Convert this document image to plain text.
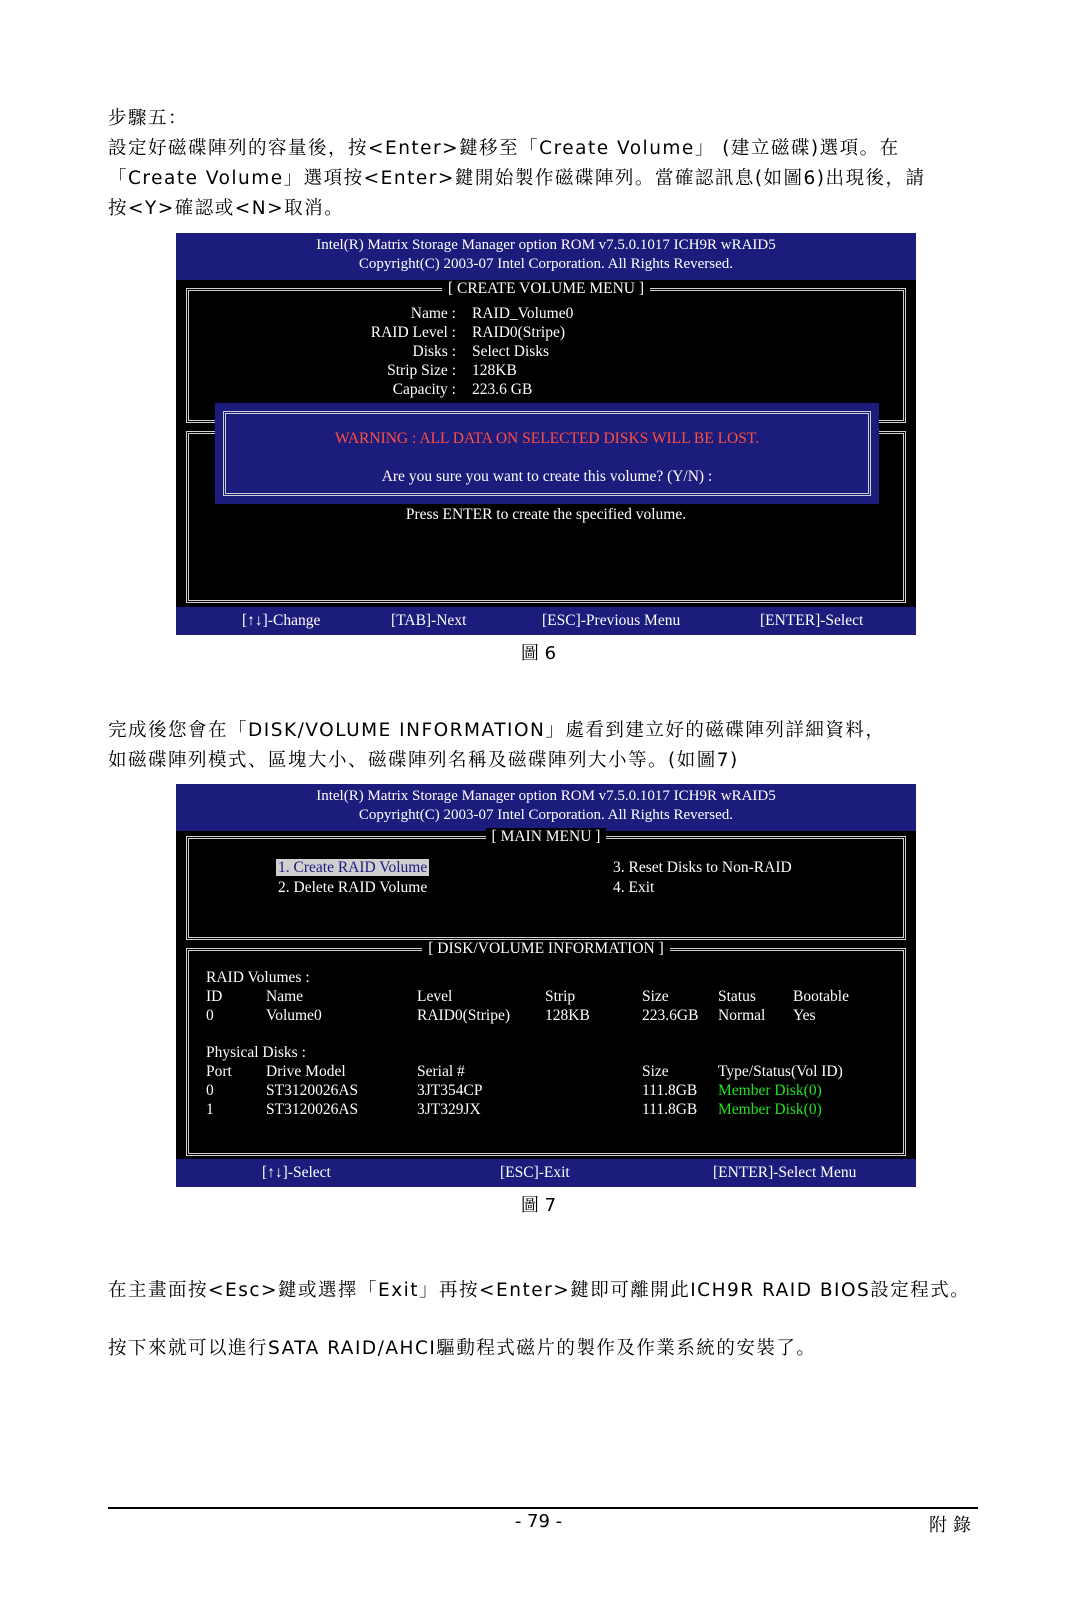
步驟五：
設定好磁碟陣列的容量後，按<Enter>鍵移至「Create Volume」 (建立磁碟)選項。在
「Create Volume」選項按<Enter>鍵開始製作磁碟陣列。當確認訊息(如圖6)出現後，請
按<Y>確認或<N>取消。
Intel(R) Matrix Storage Manager option ROM v7.5.0.1017 ICH9R wRAID5
Copyright(C) 2003-07 Intel Corporation. All Rights Reversed.
[ CREATE VOLUME MENU ]
Name : RAID_Volume0
RAID Level : RAID0(Stripe)
Disks : Select Disks
Strip Size : 128KB
Capacity : 223.6 GB
Press ENTER to create the specified volume.
WARNING : ALL DATA ON SELECTED DISKS WILL BE LOST.
Are you sure you want to create this volume? (Y/N) :
[↑↓]-Change	[TAB]-Next	[ESC]-Previous Menu	[ENTER]-Select
圖 6
完成後您會在「DISK/VOLUME INFORMATION」處看到建立好的磁碟陣列詳細資料，
如磁碟陣列模式、區塊大小、磁碟陣列名稱及磁碟陣列大小等。(如圖7)
Intel(R) Matrix Storage Manager option ROM v7.5.0.1017 ICH9R wRAID5
Copyright(C) 2003-07 Intel Corporation. All Rights Reversed.
[ MAIN MENU ]
1. Create RAID Volume
2. Delete RAID Volume
3. Reset Disks to Non-RAID
4. Exit
[ DISK/VOLUME INFORMATION ]
RAID Volumes :
ID	Name	Level	Strip	Size	Status Bootable
0	Volume0	RAID0(Stripe) 128KB	223.6GB Normal Yes
Physical Disks :
Port Drive Model	Serial #	Size	Type/Status(Vol ID)
0	ST3120026AS	3JT354CP	111.8GB Member Disk(0)
1	ST3120026AS	3JT329JX	111.8GB Member Disk(0)
[↑↓]-Select	[ESC]-Exit	[ENTER]-Select Menu
圖 7
在主畫面按<Esc>鍵或選擇「Exit」再按<Enter>鍵即可離開此ICH9R RAID BIOS設定程式。
按下來就可以進行SATA RAID/AHCI驅動程式磁片的製作及作業系統的安裝了。
- 79 -	附錄
